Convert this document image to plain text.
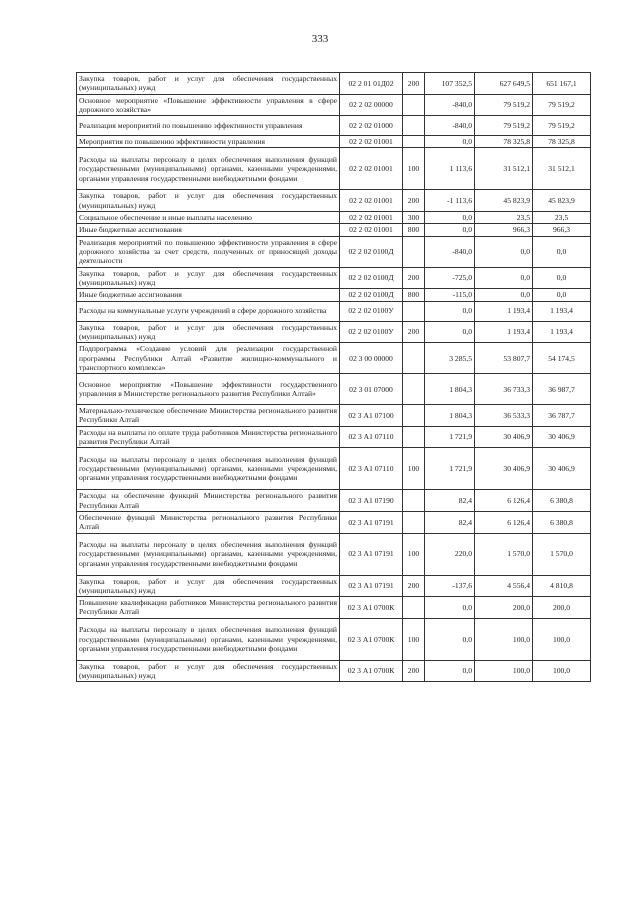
333
Закупка товаров, работ и услуг для обеспечения государственных (муниципальных) нужд	02 2 01 01Д02	200	107 352,5	627 649,5	651 167,1
Основное мероприятие «Повышение эффективности управления в сфере дорожного хозяйства»	02 2 02 00000		-840,0	79 519,2	79 519,2
Реализация мероприятий по повышению эффективности управления	02 2 02 01000		-840,0	79 519,2	79 519,2
Мероприятия по повышению эффективности управления	02 2 02 01001		0,0	78 325,8	78 325,8
Расходы на выплаты персоналу в целях обеспечения выполнения функций государственными (муниципальными) органами, казенными учреждениями, органами управления государственными внебюджетными фондами	02 2 02 01001	100	1 113,6	31 512,1	31 512,1
Закупка товаров, работ и услуг для обеспечения государственных (муниципальных) нужд	02 2 02 01001	200	-1 113,6	45 823,9	45 823,9
Социальное обеспечение и иные выплаты населению	02 2 02 01001	300	0,0	23,5	23,5
Иные бюджетные ассигнования	02 2 02 01001	800	0,0	966,3	966,3
Реализация мероприятий по повышению эффективности управления в сфере дорожного хозяйства за счет средств, полученных от приносящей доходы деятельности	02 2 02 0100Д		-840,0	0,0	0,0
Закупка товаров, работ и услуг для обеспечения государственных (муниципальных) нужд	02 2 02 0100Д	200	-725,0	0,0	0,0
Иные бюджетные ассигнования	02 2 02 0100Д	800	-115,0	0,0	0,0
Расходы на коммунальные услуги учреждений в сфере дорожного хозяйства	02 2 02 0100У		0,0	1 193,4	1 193,4
Закупка товаров, работ и услуг для обеспечения государственных (муниципальных) нужд	02 2 02 0100У	200	0,0	1 193,4	1 193,4
Подпрограмма «Создание условий для реализации государственной программы Республики Алтай «Развитие жилищно-коммунального и транспортного комплекса»	02 3 00 00000		3 285,5	53 807,7	54 174,5
Основное мероприятие «Повышение эффективности государственного управления в Министерстве регионального развития Республики Алтай»	02 3 01 07000		1 804,3	36 733,3	36 987,7
Материально-техническое обеспечение Министерства регионального развития Республики Алтай	02 3 А1 07100		1 804,3	36 533,3	36 787,7
Расходы на выплаты по оплате труда работников Министерства регионального развития Республики Алтай	02 3 А1 07110		1 721,9	30 406,9	30 406,9
Расходы на выплаты персоналу в целях обеспечения выполнения функций государственными (муниципальными) органами, казенными учреждениями, органами управления государственными внебюджетными фондами	02 3 А1 07110	100	1 721,9	30 406,9	30 406,9
Расходы на обеспечение функций Министерства регионального развития Республики Алтай	02 3 А1 07190		82,4	6 126,4	6 380,8
Обеспечение функций Министерства регионального развития Республики Алтай	02 3 А1 07191		82,4	6 126,4	6 380,8
Расходы на выплаты персоналу в целях обеспечения выполнения функций государственными (муниципальными) органами, казенными учреждениями, органами управления государственными внебюджетными фондами	02 3 А1 07191	100	220,0	1 570,0	1 570,0
Закупка товаров, работ и услуг для обеспечения государственных (муниципальных) нужд	02 3 А1 07191	200	-137,6	4 556,4	4 810,8
Повышение квалификации работников Министерства регионального развития Республики Алтай	02 3 А1 0700К		0,0	200,0	200,0
Расходы на выплаты персоналу в целях обеспечения выполнения функций государственными (муниципальными) органами, казенными учреждениями, органами управления государственными внебюджетными фондами	02 3 А1 0700К	100	0,0	100,0	100,0
Закупка товаров, работ и услуг для обеспечения государственных (муниципальных) нужд	02 3 А1 0700К	200	0,0	100,0	100,0
